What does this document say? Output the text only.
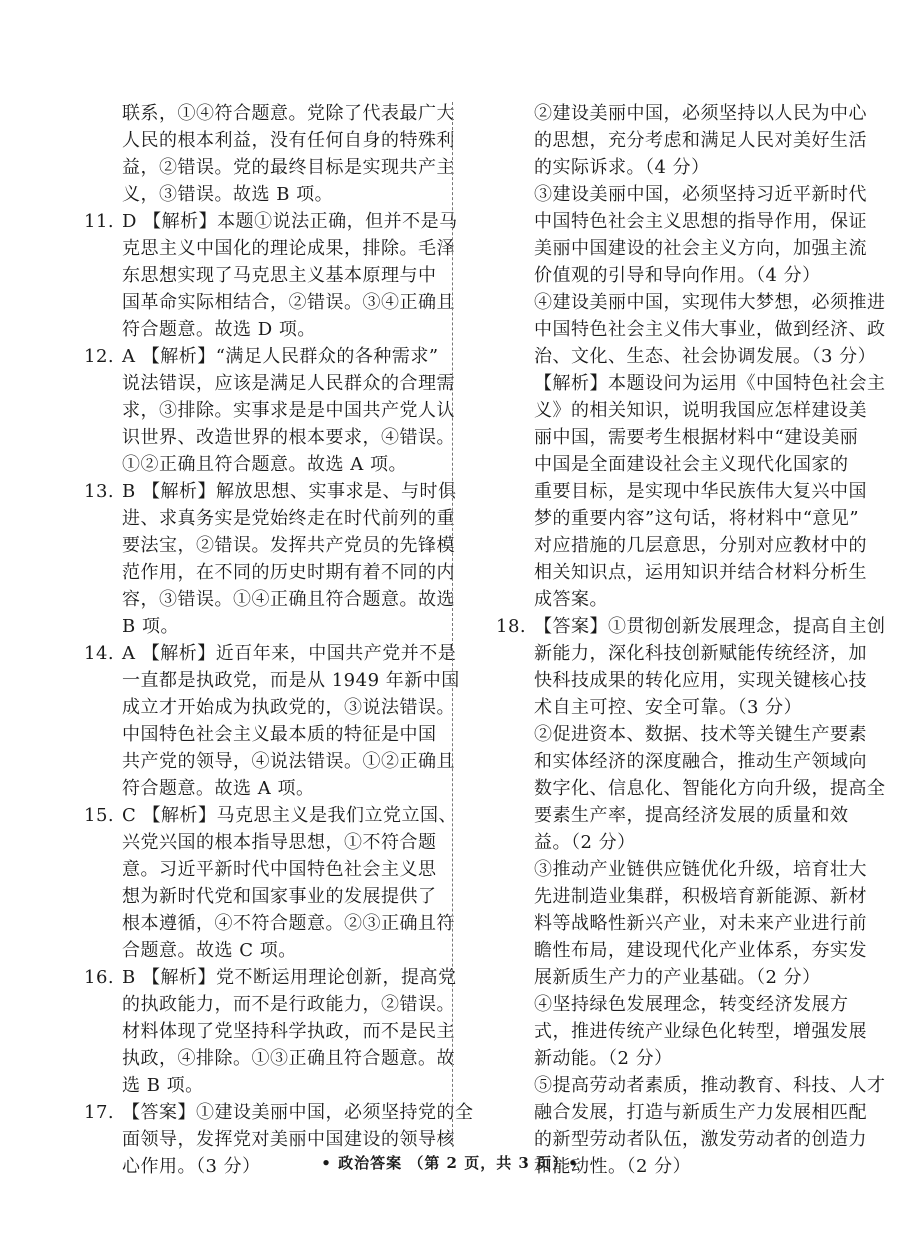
联系，①④符合题意。党除了代表最广大
人民的根本利益，没有任何自身的特殊利
益，②错误。党的最终目标是实现共产主
义，③错误。故选 B 项。
11. D 【解析】本题①说法正确，但并不是马
克思主义中国化的理论成果，排除。毛泽
东思想实现了马克思主义基本原理与中
国革命实际相结合，②错误。③④正确且
符合题意。故选 D 项。
12. A 【解析】“满足人民群众的各种需求”
说法错误，应该是满足人民群众的合理需
求，③排除。实事求是是中国共产党人认
识世界、改造世界的根本要求，④错误。
①②正确且符合题意。故选 A 项。
13. B 【解析】解放思想、实事求是、与时俱
进、求真务实是党始终走在时代前列的重
要法宝，②错误。发挥共产党员的先锋模
范作用，在不同的历史时期有着不同的内
容，③错误。①④正确且符合题意。故选
B 项。
14. A 【解析】近百年来，中国共产党并不是
一直都是执政党，而是从 1949 年新中国
成立才开始成为执政党的，③说法错误。
中国特色社会主义最本质的特征是中国
共产党的领导，④说法错误。①②正确且
符合题意。故选 A 项。
15. C 【解析】马克思主义是我们立党立国、
兴党兴国的根本指导思想，①不符合题
意。习近平新时代中国特色社会主义思
想为新时代党和国家事业的发展提供了
根本遵循，④不符合题意。②③正确且符
合题意。故选 C 项。
16. B 【解析】党不断运用理论创新，提高党
的执政能力，而不是行政能力，②错误。
材料体现了党坚持科学执政，而不是民主
执政，④排除。①③正确且符合题意。故
选 B 项。
17. 【答案】①建设美丽中国，必须坚持党的全
面领导，发挥党对美丽中国建设的领导核
心作用。（3 分）
②建设美丽中国，必须坚持以人民为中心
的思想，充分考虑和满足人民对美好生活
的实际诉求。（4 分）
③建设美丽中国，必须坚持习近平新时代
中国特色社会主义思想的指导作用，保证
美丽中国建设的社会主义方向，加强主流
价值观的引导和导向作用。（4 分）
④建设美丽中国，实现伟大梦想，必须推进
中国特色社会主义伟大事业，做到经济、政
治、文化、生态、社会协调发展。（3 分）
【解析】本题设问为运用《中国特色社会主
义》的相关知识，说明我国应怎样建设美
丽中国，需要考生根据材料中“建设美丽
中国是全面建设社会主义现代化国家的
重要目标，是实现中华民族伟大复兴中国
梦的重要内容”这句话，将材料中“意见”
对应措施的几层意思，分别对应教材中的
相关知识点，运用知识并结合材料分析生
成答案。
18. 【答案】①贯彻创新发展理念，提高自主创
新能力，深化科技创新赋能传统经济，加
快科技成果的转化应用，实现关键核心技
术自主可控、安全可靠。（3 分）
②促进资本、数据、技术等关键生产要素
和实体经济的深度融合，推动生产领域向
数字化、信息化、智能化方向升级，提高全
要素生产率，提高经济发展的质量和效
益。（2 分）
③推动产业链供应链优化升级，培育壮大
先进制造业集群，积极培育新能源、新材
料等战略性新兴产业，对未来产业进行前
瞻性布局，建设现代化产业体系，夯实发
展新质生产力的产业基础。（2 分）
④坚持绿色发展理念，转变经济发展方
式，推进传统产业绿色化转型，增强发展
新动能。（2 分）
⑤提高劳动者素质，推动教育、科技、人才
融合发展，打造与新质生产力发展相匹配
的新型劳动者队伍，激发劳动者的创造力
和能动性。（2 分）
• 政治答案 （第 2 页，共 3 页）•
